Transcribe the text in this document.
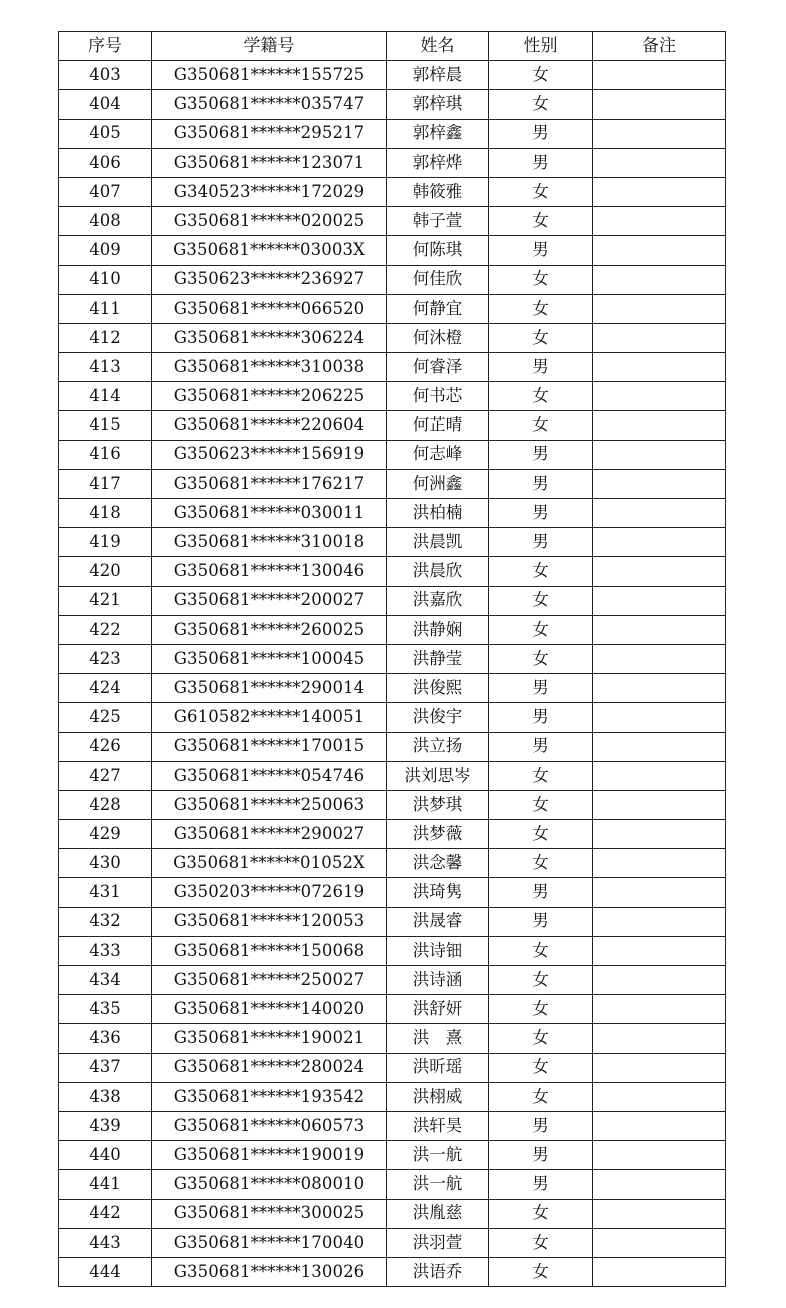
序号	学籍号	姓名	性别	备注
403	G350681******155725	郭梓晨	女	
404	G350681******035747	郭梓琪	女	
405	G350681******295217	郭梓鑫	男	
406	G350681******123071	郭梓烨	男	
407	G340523******172029	韩筱雅	女	
408	G350681******020025	韩子萱	女	
409	G350681******03003X	何陈琪	男	
410	G350623******236927	何佳欣	女	
411	G350681******066520	何静宜	女	
412	G350681******306224	何沐橙	女	
413	G350681******310038	何睿泽	男	
414	G350681******206225	何书芯	女	
415	G350681******220604	何芷晴	女	
416	G350623******156919	何志峰	男	
417	G350681******176217	何洲鑫	男	
418	G350681******030011	洪柏楠	男	
419	G350681******310018	洪晨凯	男	
420	G350681******130046	洪晨欣	女	
421	G350681******200027	洪嘉欣	女	
422	G350681******260025	洪静娴	女	
423	G350681******100045	洪静莹	女	
424	G350681******290014	洪俊熙	男	
425	G610582******140051	洪俊宇	男	
426	G350681******170015	洪立扬	男	
427	G350681******054746	洪刘思岑	女	
428	G350681******250063	洪梦琪	女	
429	G350681******290027	洪梦薇	女	
430	G350681******01052X	洪念馨	女	
431	G350203******072619	洪琦隽	男	
432	G350681******120053	洪晟睿	男	
433	G350681******150068	洪诗钿	女	
434	G350681******250027	洪诗涵	女	
435	G350681******140020	洪舒妍	女	
436	G350681******190021	洪　熹	女	
437	G350681******280024	洪昕瑶	女	
438	G350681******193542	洪栩威	女	
439	G350681******060573	洪轩昊	男	
440	G350681******190019	洪一航	男	
441	G350681******080010	洪一航	男	
442	G350681******300025	洪胤慈	女	
443	G350681******170040	洪羽萱	女	
444	G350681******130026	洪语乔	女	
